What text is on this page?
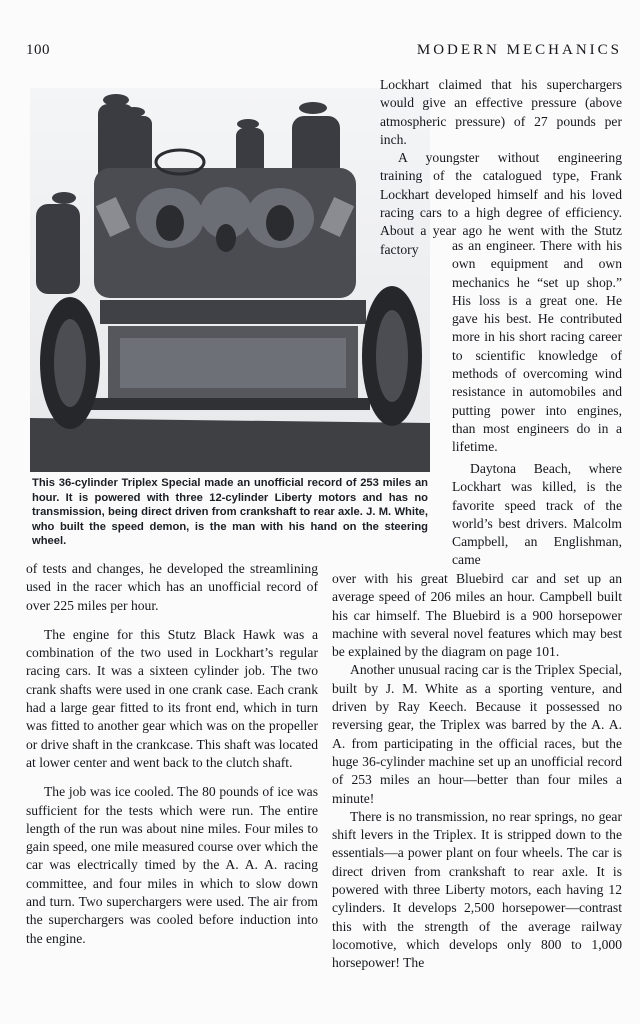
100	MODERN MECHANICS
This 36-cylinder Triplex Special made an unofficial record of 253 miles an hour. It is powered with three 12-cylinder Liberty motors and has no transmission, being direct driven from crankshaft to rear axle. J. M. White, who built the speed demon, is the man with his hand on the steering wheel.

Lockhart claimed that his superchargers would give an effective pressure (above atmospheric pressure) of 27 pounds per inch.

A youngster without engineering training of the catalogued type, Frank Lockhart developed himself and his loved racing cars to a high degree of efficiency. About a year ago he went with the Stutz factory	as an engineer. There with his own equipment and own mechanics he “set up shop.” His loss is a great one. He gave his best. He contributed more in his short racing career to scientific knowledge of methods of overcoming wind resistance in automobiles and putting power into engines, than most engineers do in a lifetime.

Daytona Beach, where Lockhart was killed, is the favorite speed track of the world’s best drivers. Malcolm Campbell, an Englishman, came

of tests and changes, he developed the streamlining used in the racer which has an unofficial record of over 225 miles per hour.

The engine for this Stutz Black Hawk was a combination of the two used in Lockhart’s regular racing cars. It was a sixteen cylinder job. The two crank shafts were used in one crank case. Each crank had a large gear fitted to its front end, which in turn was fitted to another gear which was on the propeller or drive shaft in the crankcase. This shaft was located at lower center and went back to the clutch shaft.

The job was ice cooled. The 80 pounds of ice was sufficient for the tests which were run. The entire length of the run was about nine miles. Four miles to gain speed, one mile measured course over which the car was electrically timed by the A. A. A. racing committee, and four miles in which to slow down and turn. Two superchargers were used. The air from the superchargers was cooled before induction into the engine.

over with his great Bluebird car and set up an average speed of 206 miles an hour. Campbell built his car himself. The Bluebird is a 900 horsepower machine with several novel features which may best be explained by the diagram on page 101.

Another unusual racing car is the Triplex Special, built by J. M. White as a sporting venture, and driven by Ray Keech. Because it possessed no reversing gear, the Triplex was barred by the A. A. A. from participating in the official races, but the huge 36-cylinder machine set up an unofficial record of 253 miles an hour—better than four miles a minute!

There is no transmission, no rear springs, no gear shift levers in the Triplex. It is stripped down to the essentials—a power plant on four wheels. The car is direct driven from crankshaft to rear axle. It is powered with three Liberty motors, each having 12 cylinders. It develops 2,500 horsepower—contrast this with the strength of the average railway locomotive, which develops only 800 to 1,000 horsepower! The
